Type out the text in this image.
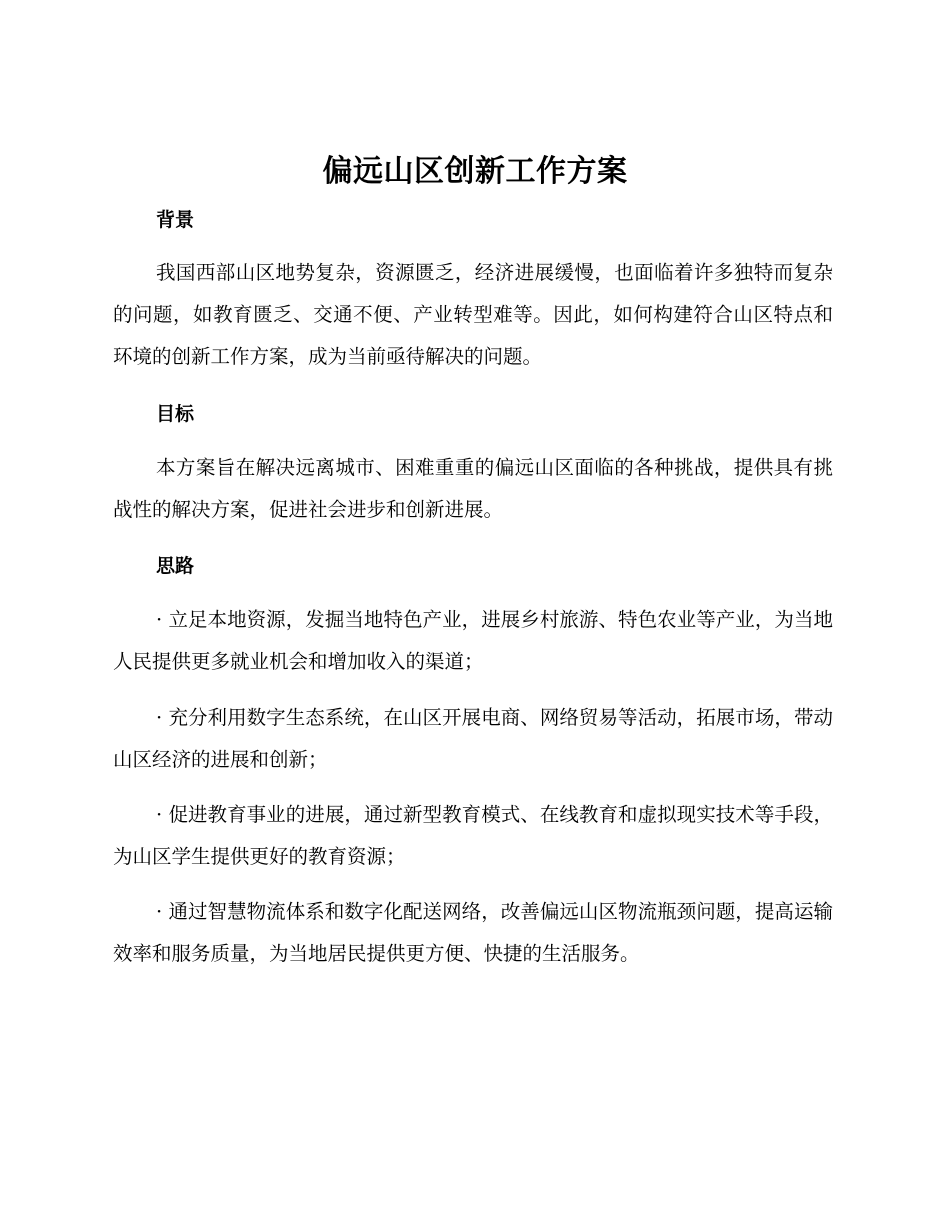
偏远山区创新工作方案
背景

我国西部山区地势复杂，资源匮乏，经济进展缓慢，也面临着许多独特而复杂的问题，如教育匮乏、交通不便、产业转型难等。因此，如何构建符合山区特点和环境的创新工作方案，成为当前亟待解决的问题。

目标

本方案旨在解决远离城市、困难重重的偏远山区面临的各种挑战，提供具有挑战性的解决方案，促进社会进步和创新进展。

思路

· 立足本地资源，发掘当地特色产业，进展乡村旅游、特色农业等产业，为当地人民提供更多就业机会和增加收入的渠道；

· 充分利用数字生态系统，在山区开展电商、网络贸易等活动，拓展市场，带动山区经济的进展和创新；

· 促进教育事业的进展，通过新型教育模式、在线教育和虚拟现实技术等手段，为山区学生提供更好的教育资源；

· 通过智慧物流体系和数字化配送网络，改善偏远山区物流瓶颈问题，提高运输效率和服务质量，为当地居民提供更方便、快捷的生活服务。
